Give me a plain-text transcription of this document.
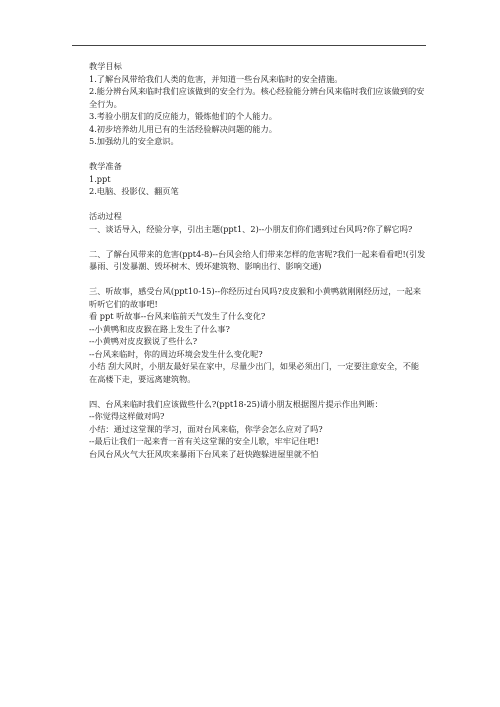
教学目标

1.了解台风带给我们人类的危害，并知道一些台风来临时的安全措施。

2.能分辨台风来临时我们应该做到的安全行为。核心经验能分辨台风来临时我们应该做到的安全行为。

3.考验小朋友们的反应能力，锻炼他们的个人能力。

4.初步培养幼儿用已有的生活经验解决问题的能力。

5.加强幼儿的安全意识。

教学准备

1.ppt

2.电脑、投影仪、翻页笔

活动过程

一、谈话导入，经验分享，引出主题(ppt1、2)--小朋友们你们遇到过台风吗?你了解它吗?

二、了解台风带来的危害(ppt4-8)--台风会给人们带来怎样的危害呢?我们一起来看看吧!(引发暴雨、引发暴潮、毁坏树木、毁坏建筑物、影响出行、影响交通)

三、听故事，感受台风(ppt10-15)--你经历过台风吗?皮皮猴和小黄鸭就刚刚经历过，一起来听听它们的故事吧!

看 ppt 听故事--台风来临前天气发生了什么变化?

--小黄鸭和皮皮猴在路上发生了什么事?

--小黄鸭对皮皮猴说了些什么?

--台风来临时，你的周边环境会发生什么变化呢?

小结 刮大风时，小朋友最好呆在家中，尽量少出门，如果必须出门，一定要注意安全，不能在高楼下走，要远离建筑物。

四、台风来临时我们应该做些什么?(ppt18-25)请小朋友根据图片提示作出判断：

--你觉得这样做对吗?

小结：通过这堂课的学习，面对台风来临，你学会怎么应对了吗?

--最后让我们一起来背一首有关这堂课的安全儿歌，牢牢记住吧!

台风台风火气大狂风吹来暴雨下台风来了赶快跑躲进屋里就不怕
